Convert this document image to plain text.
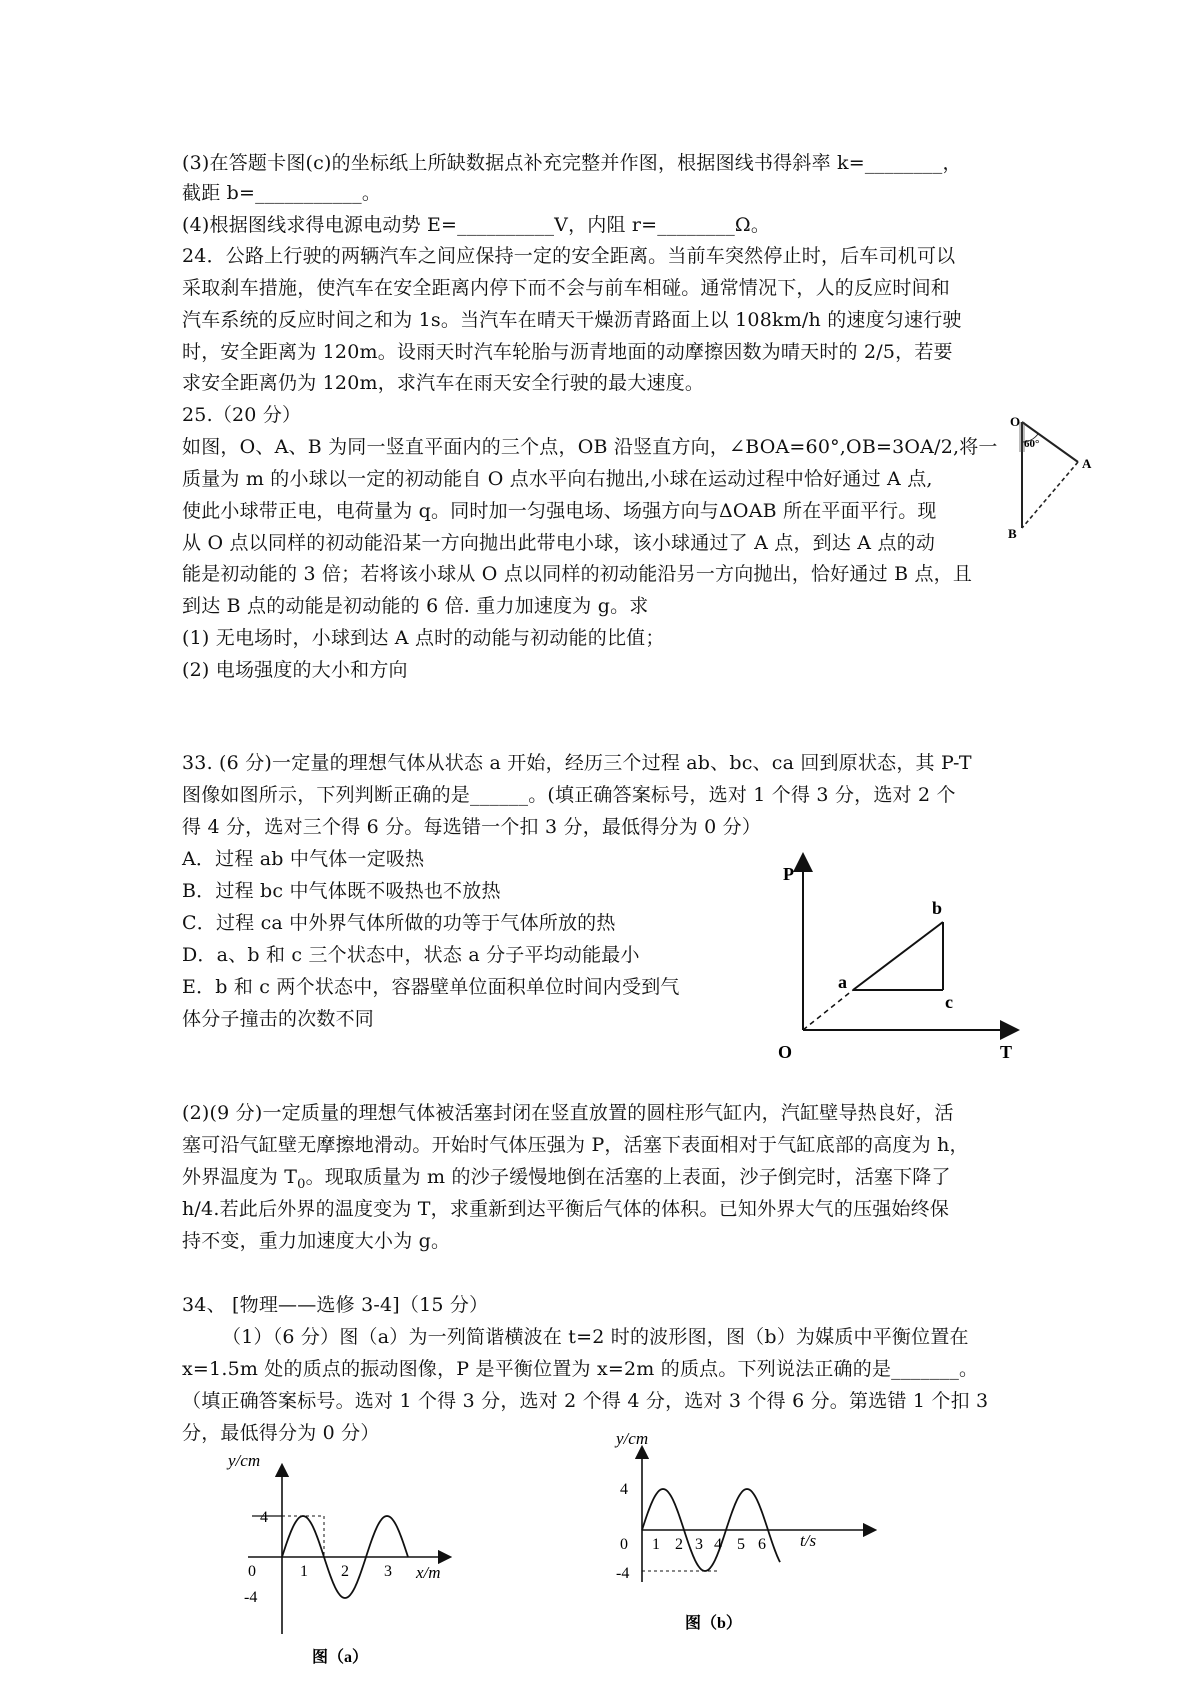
(3)在答题卡图(c)的坐标纸上所缺数据点补充完整并作图，根据图线书得斜率 k=________，
截距 b=___________。
(4)根据图线求得电源电动势 E=__________V，内阻 r=________Ω。
24．公路上行驶的两辆汽车之间应保持一定的安全距离。当前车突然停止时，后车司机可以
采取刹车措施，使汽车在安全距离内停下而不会与前车相碰。通常情况下，人的反应时间和
汽车系统的反应时间之和为 1s。当汽车在晴天干燥沥青路面上以 108km/h 的速度匀速行驶
时，安全距离为 120m。设雨天时汽车轮胎与沥青地面的动摩擦因数为晴天时的 2/5，若要
求安全距离仍为 120m，求汽车在雨天安全行驶的最大速度。
25.（20 分）
如图，O、A、B 为同一竖直平面内的三个点，OB 沿竖直方向，∠BOA=60°,OB=3OA/2,将一
质量为 m 的小球以一定的初动能自 O 点水平向右抛出,小球在运动过程中恰好通过 A 点,
使此小球带正电，电荷量为 q。同时加一匀强电场、场强方向与ΔOAB 所在平面平行。现
从 O 点以同样的初动能沿某一方向抛出此带电小球，该小球通过了 A 点，到达 A 点的动
能是初动能的 3 倍；若将该小球从 O 点以同样的初动能沿另一方向抛出，恰好通过 B 点，且
到达 B 点的动能是初动能的 6 倍. 重力加速度为 g。求
(1) 无电场时，小球到达 A 点时的动能与初动能的比值；
(2) 电场强度的大小和方向
33. (6 分)一定量的理想气体从状态 a 开始，经历三个过程 ab、bc、ca 回到原状态，其 P-T
图像如图所示，下列判断正确的是______。(填正确答案标号，选对 1 个得 3 分，选对 2 个
得 4 分，选对三个得 6 分。每选错一个扣 3 分，最低得分为 0 分）
A．过程 ab 中气体一定吸热
B．过程 bc 中气体既不吸热也不放热
C．过程 ca 中外界气体所做的功等于气体所放的热
D．a、b 和 c 三个状态中，状态 a 分子平均动能最小
E．b 和 c 两个状态中，容器壁单位面积单位时间内受到气
体分子撞击的次数不同
(2)(9 分)一定质量的理想气体被活塞封闭在竖直放置的圆柱形气缸内，汽缸壁导热良好，活
塞可沿气缸壁无摩擦地滑动。开始时气体压强为 P，活塞下表面相对于气缸底部的高度为 h，
外界温度为 $T_0$。现取质量为 m 的沙子缓慢地倒在活塞的上表面，沙子倒完时，活塞下降了
h/4.若此后外界的温度变为 T，求重新到达平衡后气体的体积。已知外界大气的压强始终保
持不变，重力加速度大小为 g。
34、 [物理——选修 3-4]（15 分）
（1）（6 分）图（a）为一列简谐横波在 t=2 时的波形图，图（b）为媒质中平衡位置在
x=1.5m 处的质点的振动图像，P 是平衡位置为 x=2m 的质点。下列说法正确的是_______。
（填正确答案标号。选对 1 个得 3 分，选对 2 个得 4 分，选对 3 个得 6 分。第选错 1 个扣 3
分，最低得分为 0 分）
O
60°
A
B
P
b
a
c
O	T
y/cm
4
0
-4
1 2 3 x/m
图（a）
y/cm
4
0
-4
1 2 3 4 5 6 t/s
图（b）
